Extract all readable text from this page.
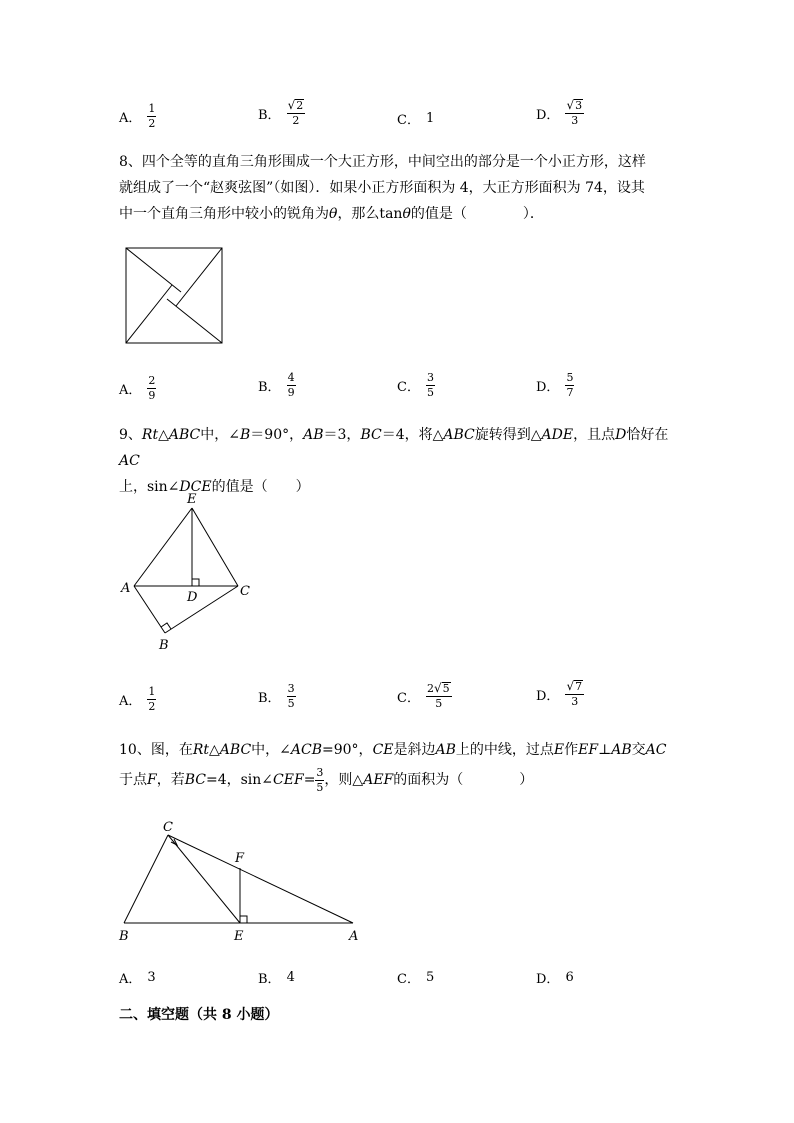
A． $\frac{1}{2}$	B． $\frac{√ 2}{2}$	C． 1	D． $\frac{√ 3}{3}$
8、四个全等的直角三角形围成一个大正方形，中间空出的部分是一个小正方形，这样
就组成了一个“赵爽弦图”（如图）．如果小正方形面积为 4，大正方形面积为 74，设其
中一个直角三角形中较小的锐角为θ，那么tanθ的值是（　　　　）．
A． $\frac{2}{9}$	B． $\frac{4}{9}$	C． $\frac{3}{5}$	D． $\frac{5}{7}$
9、Rt△ABC中，∠B＝90°，AB＝3，BC＝4，将△ABC旋转得到△ADE，且点D恰好在AC
上，sin∠DCE的值是（　　）
E
A
D	C
B
A． $\frac{1}{2}$	B． $\frac{3}{5}$	C． $\frac{2 √ 5}{5}$	D． $\frac{√ 7}{3}$
10、图，在Rt△ABC中，∠ACB=90°，CE是斜边AB上的中线，过点E作EF⊥AB交AC
于点F，若BC=4，sin∠CEF= $\frac{3}{5}$ ，则△AEF的面积为（　　　　）
C
F
B	E	A
A． 3	B． 4	C． 5	D． 6
二、填空题（共 8 小题）
